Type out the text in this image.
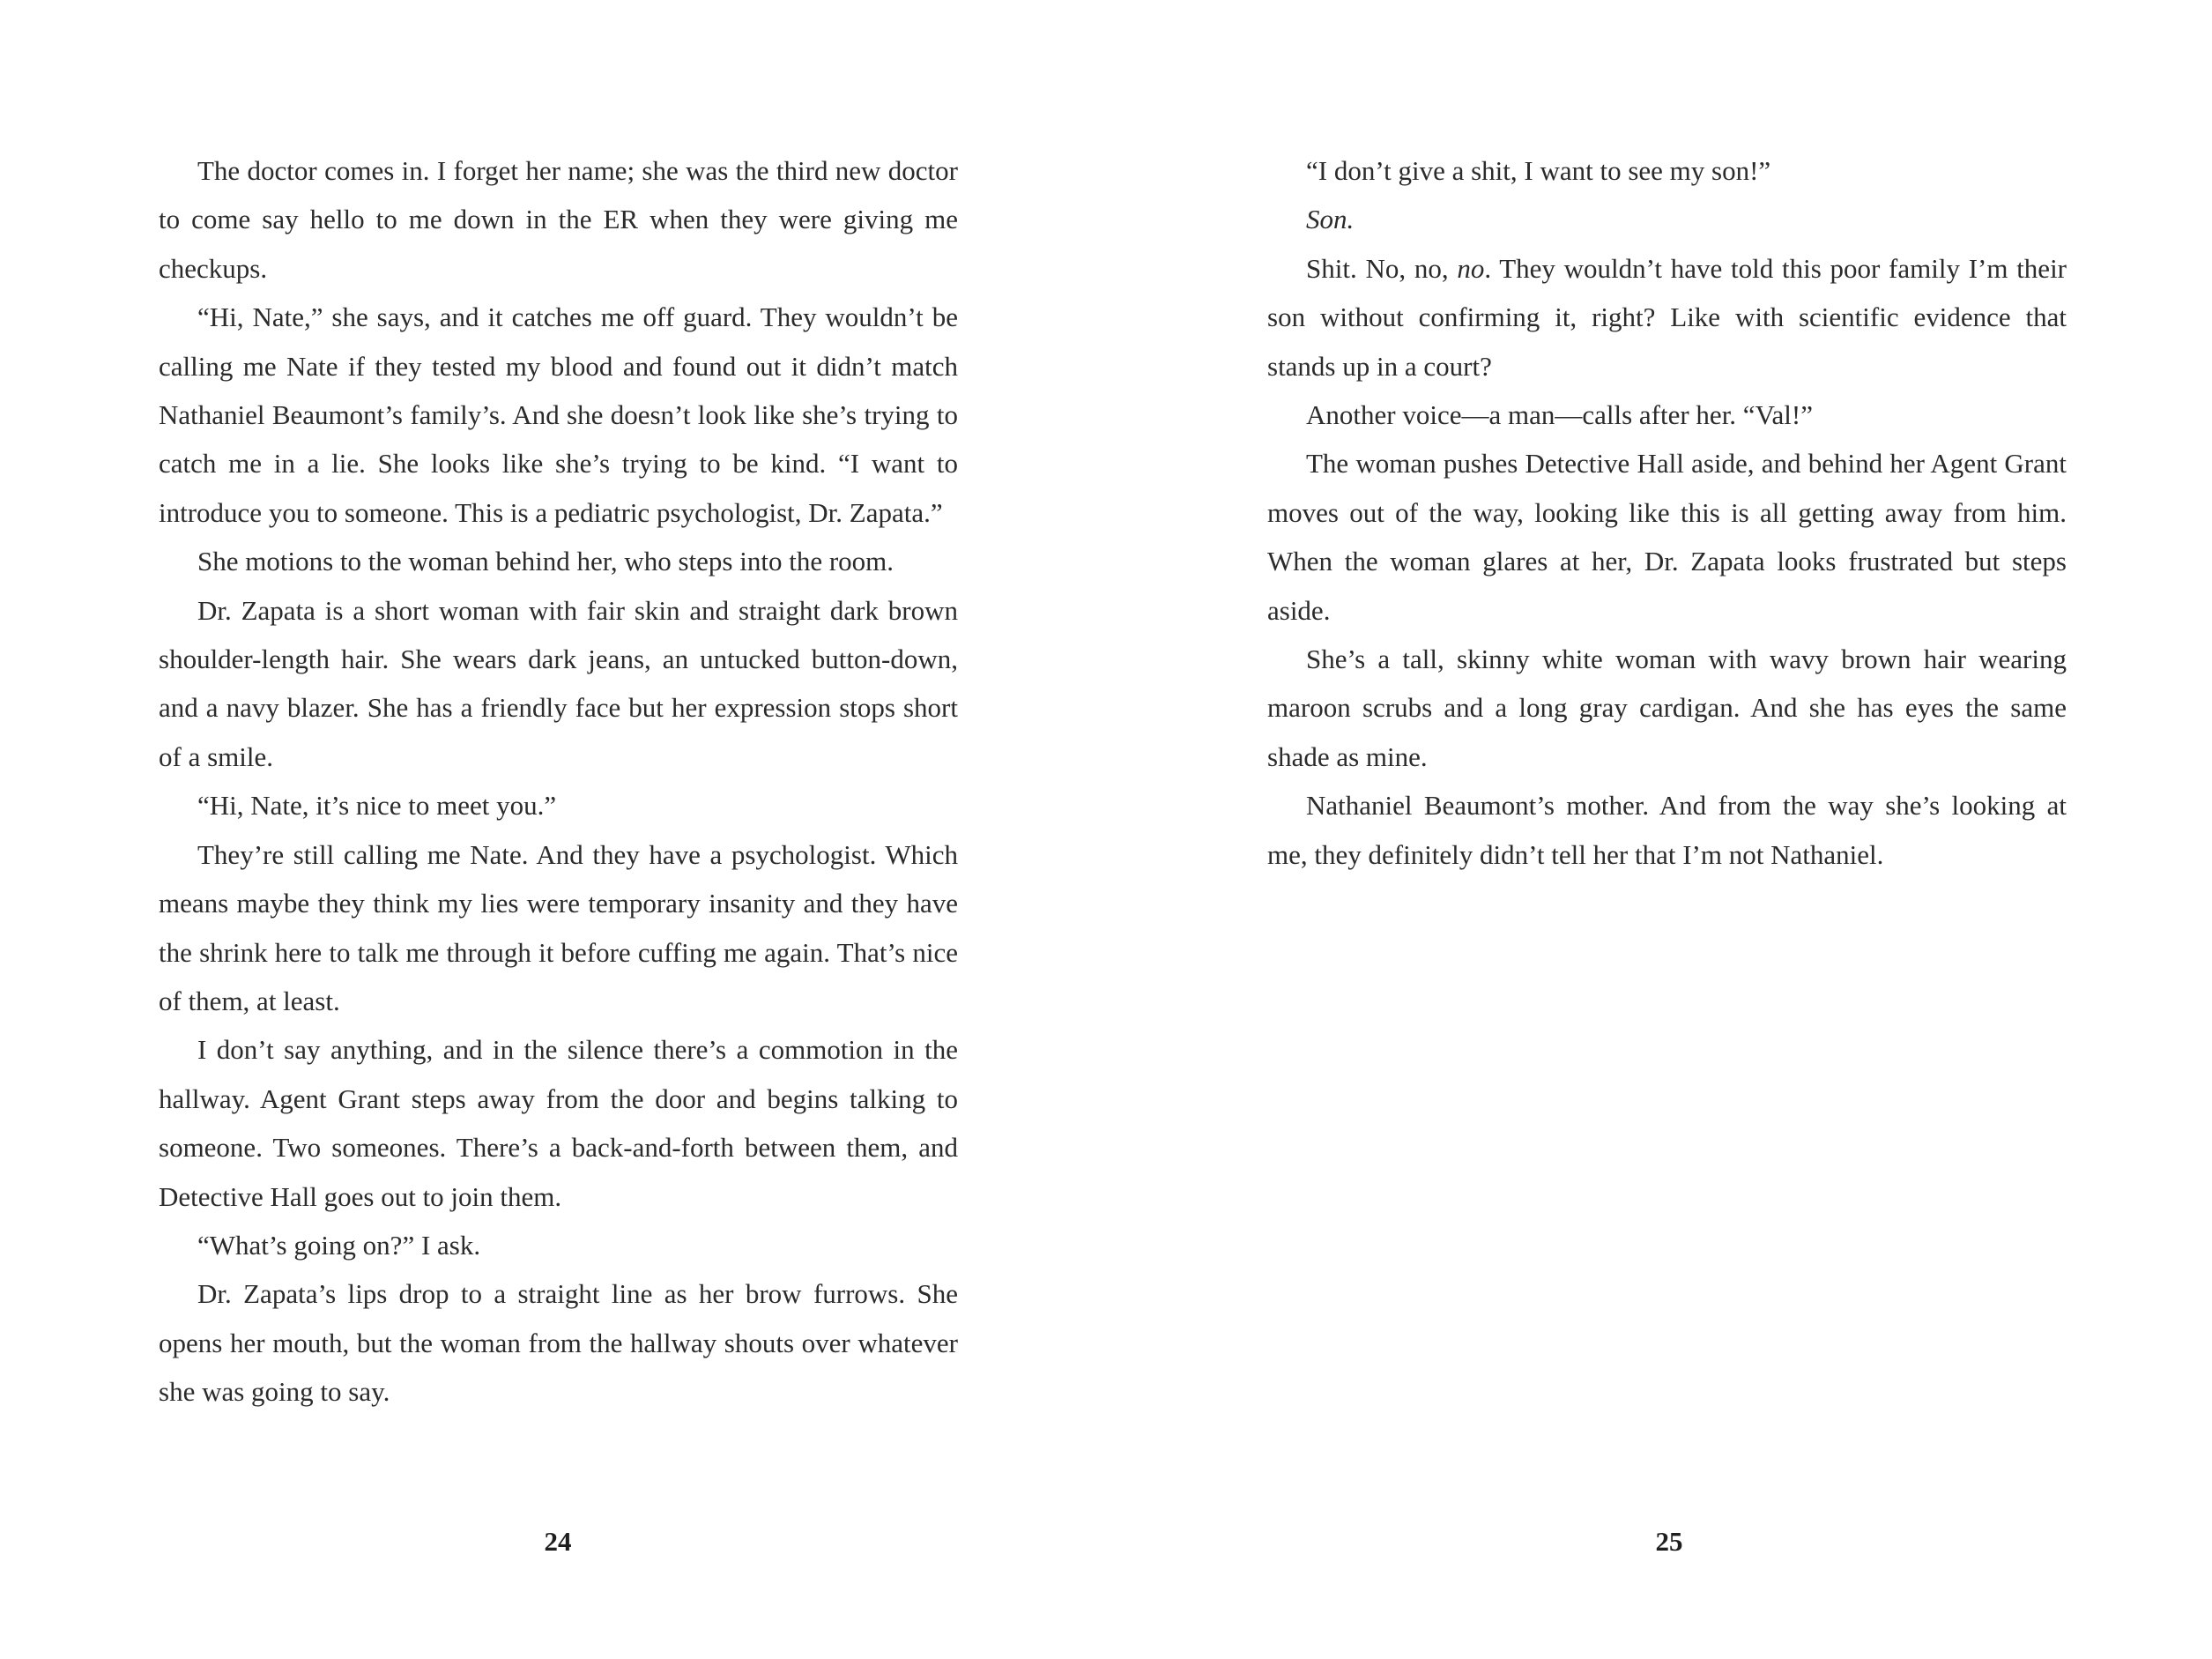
The doctor comes in. I forget her name; she was the third new doctor to come say hello to me down in the ER when they were giving me checkups.

“Hi, Nate,” she says, and it catches me off guard. They wouldn’t be calling me Nate if they tested my blood and found out it didn’t match Nathaniel Beaumont’s family’s. And she doesn’t look like she’s trying to catch me in a lie. She looks like she’s trying to be kind. “I want to introduce you to someone. This is a pediatric psychologist, Dr. Zapata.”

She motions to the woman behind her, who steps into the room.

Dr. Zapata is a short woman with fair skin and straight dark brown shoulder-length hair. She wears dark jeans, an untucked button-down, and a navy blazer. She has a friendly face but her expression stops short of a smile.

“Hi, Nate, it’s nice to meet you.”

They’re still calling me Nate. And they have a psychologist. Which means maybe they think my lies were temporary insanity and they have the shrink here to talk me through it before cuffing me again. That’s nice of them, at least.

I don’t say anything, and in the silence there’s a commotion in the hallway. Agent Grant steps away from the door and begins talking to someone. Two someones. There’s a back-and-forth between them, and Detective Hall goes out to join them.

“What’s going on?” I ask.

Dr. Zapata’s lips drop to a straight line as her brow furrows. She opens her mouth, but the woman from the hallway shouts over whatever she was going to say.

24

“I don’t give a shit, I want to see my son!”

Son.

Shit. No, no, no. They wouldn’t have told this poor family I’m their son without confirming it, right? Like with scientific evidence that stands up in a court?

Another voice—a man—calls after her. “Val!”

The woman pushes Detective Hall aside, and behind her Agent Grant moves out of the way, looking like this is all getting away from him. When the woman glares at her, Dr. Zapata looks frustrated but steps aside.

She’s a tall, skinny white woman with wavy brown hair wearing maroon scrubs and a long gray cardigan. And she has eyes the same shade as mine.

Nathaniel Beaumont’s mother. And from the way she’s looking at me, they definitely didn’t tell her that I’m not Nathaniel.

25
